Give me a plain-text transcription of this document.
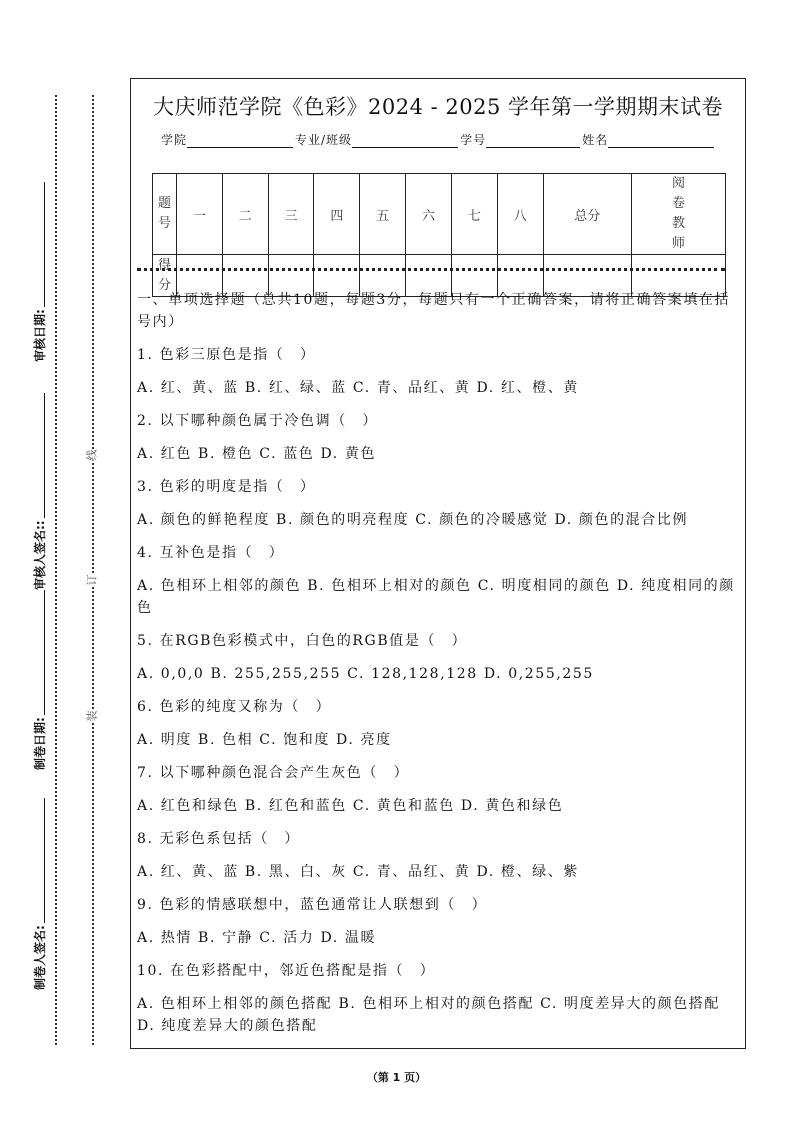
制卷人签名:
制卷日期:
审核人签名::
审核日期:
装
订
线
大庆师范学院《色彩》2024 - 2025 学年第一学期期末试卷
学院	专业/班级	学号	姓名
题号	一	二	三	四	五	六	七	八	总分	阅卷教师
得分										

一、单项选择题（总共10题，每题3分，每题只有一个正确答案，请将正确答案填在括号内）

1. 色彩三原色是指（　）

A. 红、黄、蓝 B. 红、绿、蓝 C. 青、品红、黄 D. 红、橙、黄

2. 以下哪种颜色属于冷色调（　）

A. 红色 B. 橙色 C. 蓝色 D. 黄色

3. 色彩的明度是指（　）

A. 颜色的鲜艳程度 B. 颜色的明亮程度 C. 颜色的冷暖感觉 D. 颜色的混合比例

4. 互补色是指（　）

A. 色相环上相邻的颜色 B. 色相环上相对的颜色 C. 明度相同的颜色 D. 纯度相同的颜色

5. 在RGB色彩模式中，白色的RGB值是（　）

A. 0,0,0 B. 255,255,255 C. 128,128,128 D. 0,255,255

6. 色彩的纯度又称为（　）

A. 明度 B. 色相 C. 饱和度 D. 亮度

7. 以下哪种颜色混合会产生灰色（　）

A. 红色和绿色 B. 红色和蓝色 C. 黄色和蓝色 D. 黄色和绿色

8. 无彩色系包括（　）

A. 红、黄、蓝 B. 黑、白、灰 C. 青、品红、黄 D. 橙、绿、紫

9. 色彩的情感联想中，蓝色通常让人联想到（　）

A. 热情 B. 宁静 C. 活力 D. 温暖

10. 在色彩搭配中，邻近色搭配是指（　）

A. 色相环上相邻的颜色搭配 B. 色相环上相对的颜色搭配 C. 明度差异大的颜色搭配 D. 纯度差异大的颜色搭配

（第 1 页）
